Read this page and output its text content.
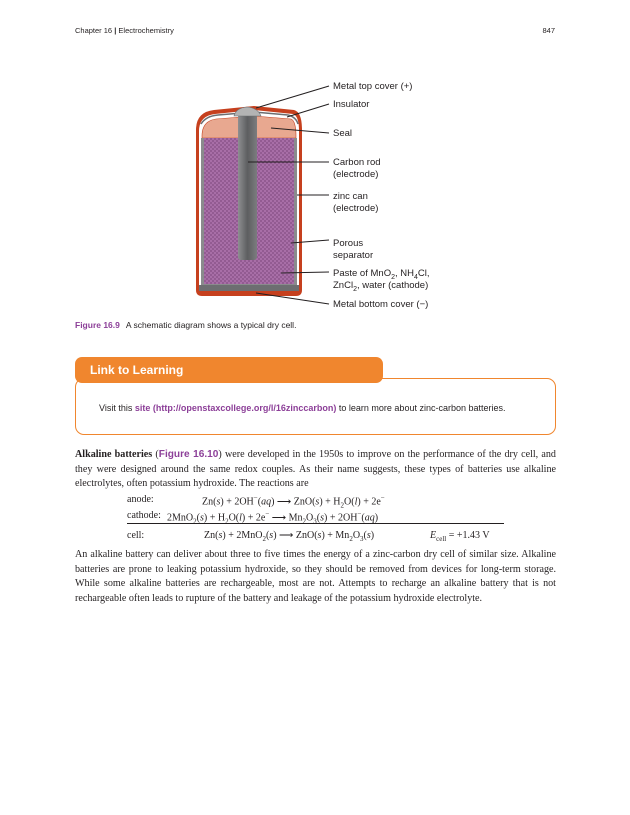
Chapter 16 | Electrochemistry	847
Metal top cover (+)
Insulator
Seal
Carbon rod
(electrode)
zinc can
(electrode)
Porous
separator
Paste of MnO$_2$, $NH_4Cl$,
ZnCl$_2$, water (cathode)
Metal bottom cover (−)
Figure 16.9 A schematic diagram shows a typical dry cell.
Link to Learning
Visit this site (http://openstaxcollege.org/l/16zinccarbon) to learn more about zinc-carbon batteries.
Alkaline batteries (Figure 16.10) were developed in the 1950s to improve on the performance of the dry cell, and they were designed around the same redox couples. As their name suggests, these types of batteries use alkaline electrolytes, often potassium hydroxide. The reactions are
anode:	Zn(s) + 2OH−(aq) ⟶ $ZnO(s) + H_2O(l) + 2e^-$
cathode: $2MnO_2(s) + H_2O(l) + 2e^-$ ⟶ $Mn_2O_3(s) + 2OH^-(aq)$
cell:	Zn(s) + 2MnO$_2$(s) ⟶ $ZnO(s) + Mn_2O_3(s)$	$E_{cell} = +1.43$ V
An alkaline battery can deliver about three to five times the energy of a zinc-carbon dry cell of similar size. Alkaline batteries are prone to leaking potassium hydroxide, so they should be removed from devices for long-term storage. While some alkaline batteries are rechargeable, most are not. Attempts to recharge an alkaline battery that is not rechargeable often leads to rupture of the battery and leakage of the potassium hydroxide electrolyte.
